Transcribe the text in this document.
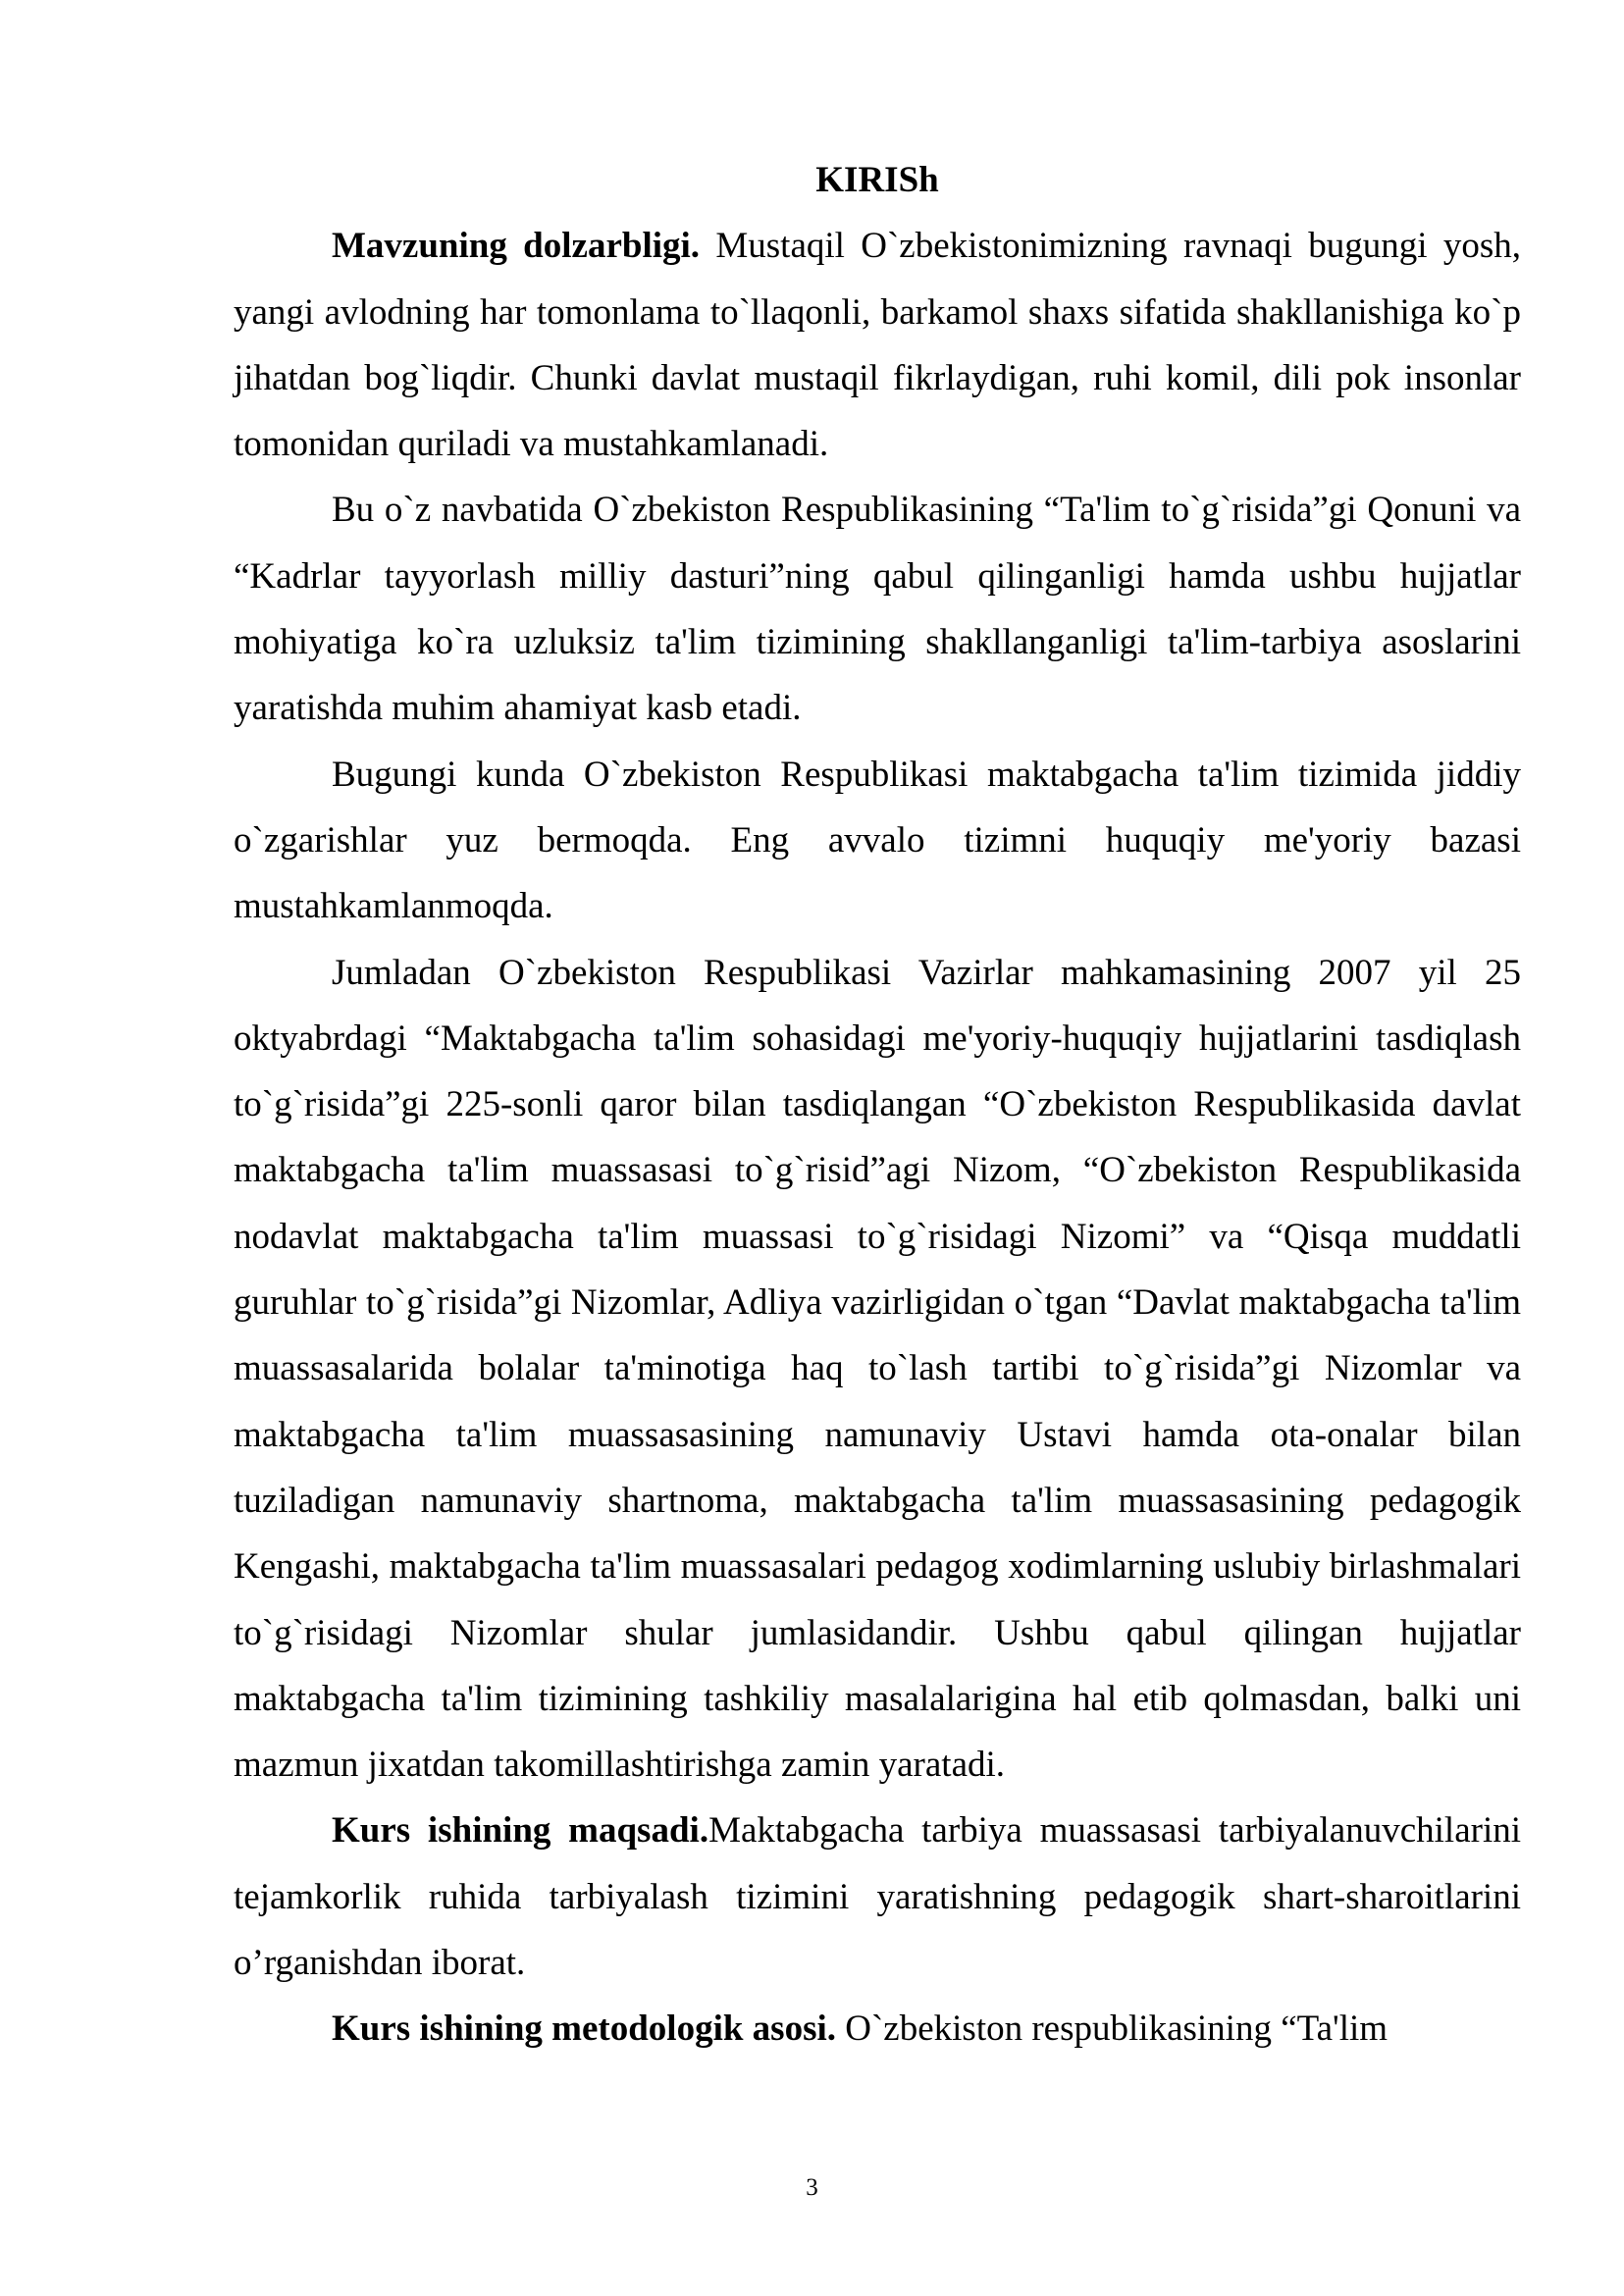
KIRISh

Mavzuning dolzarbligi. Mustaqil O`zbekistonimizning ravnaqi bugungi yosh, yangi avlodning har tomonlama to`llaqonli, barkamol shaxs sifatida shakllanishiga ko`p jihatdan bog`liqdir. Chunki davlat mustaqil fikrlaydigan, ruhi komil, dili pok insonlar tomonidan quriladi va mustahkamlanadi.

Bu o`z navbatida O`zbekiston Respublikasining “Ta'lim to`g`risida”gi Qonuni va “Kadrlar tayyorlash milliy dasturi”ning qabul qilinganligi hamda ushbu hujjatlar mohiyatiga ko`ra uzluksiz ta'lim tizimining shakllanganligi ta'lim-tarbiya asoslarini yaratishda muhim ahamiyat kasb etadi.

Bugungi kunda O`zbekiston Respublikasi maktabgacha ta'lim tizimida jiddiy o`zgarishlar yuz bermoqda. Eng avvalo tizimni huquqiy me'yoriy bazasi mustahkamlanmoqda.

Jumladan O`zbekiston Respublikasi Vazirlar mahkamasining 2007 yil 25 oktyabrdagi “Maktabgacha ta'lim sohasidagi me'yoriy-huquqiy hujjatlarini tasdiqlash to`g`risida”gi 225-sonli qaror bilan tasdiqlangan “O`zbekiston Respublikasida davlat maktabgacha ta'lim muassasasi to`g`risid”agi Nizom, “O`zbekiston Respublikasida nodavlat maktabgacha ta'lim muassasi to`g`risidagi Nizomi” va “Qisqa muddatli guruhlar to`g`risida”gi Nizomlar, Adliya vazirligidan o`tgan “Davlat maktabgacha ta'lim muassasalarida bolalar ta'minotiga haq to`lash tartibi to`g`risida”gi Nizomlar va maktabgacha ta'lim muassasasining namunaviy Ustavi hamda ota-onalar bilan tuziladigan namunaviy shartnoma, maktabgacha ta'lim muassasasining pedagogik Kengashi, maktabgacha ta'lim muassasalari pedagog xodimlarning uslubiy birlashmalari to`g`risidagi Nizomlar shular jumlasidandir. Ushbu qabul qilingan hujjatlar maktabgacha ta'lim tizimining tashkiliy masalalarigina hal etib qolmasdan, balki uni mazmun jixatdan takomillashtirishga zamin yaratadi.

Kurs ishining maqsadi.Maktabgacha tarbiya muassasasi tarbiyalanuvchilarini tejamkorlik ruhida tarbiyalash tizimini yaratishning pedagogik shart-sharoitlarini o’rganishdan iborat.

Kurs ishining metodologik asosi. O`zbekiston respublikasining “Ta'lim

3
